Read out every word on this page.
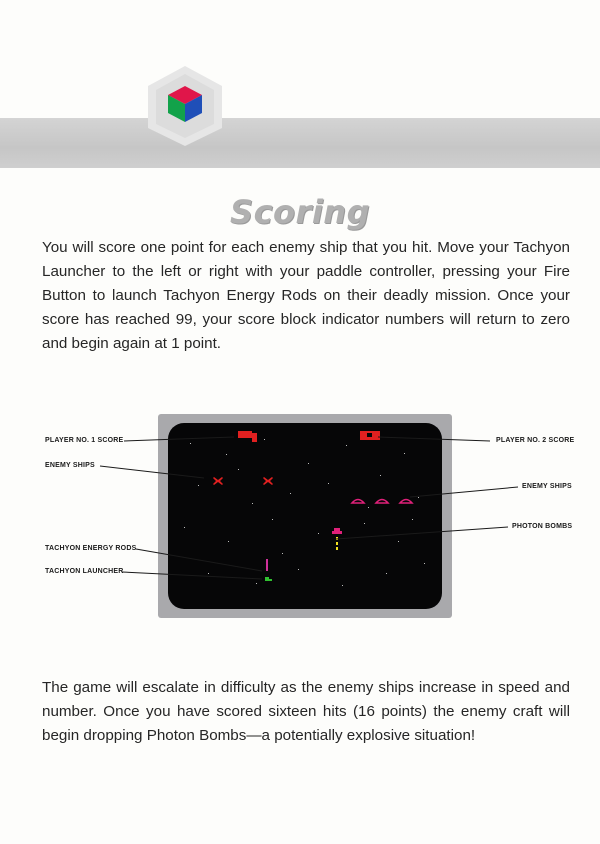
Scoring

You will score one point for each enemy ship that you hit. Move your Tachyon Launcher to the left or right with your paddle controller, pressing your Fire Button to launch Tachyon Energy Rods on their deadly mission. Once your score has reached 99, your score block indicator numbers will return to zero and begin again at 1 point.

PLAYER NO. 1 SCORE	PLAYER NO. 2 SCORE
ENEMY SHIPS
ENEMY SHIPS
PHOTON BOMBS
TACHYON ENERGY RODS
TACHYON LAUNCHER

The game will escalate in difficulty as the enemy ships increase in speed and number. Once you have scored sixteen hits (16 points) the enemy craft will begin dropping Photon Bombs—a potentially explosive situation!
